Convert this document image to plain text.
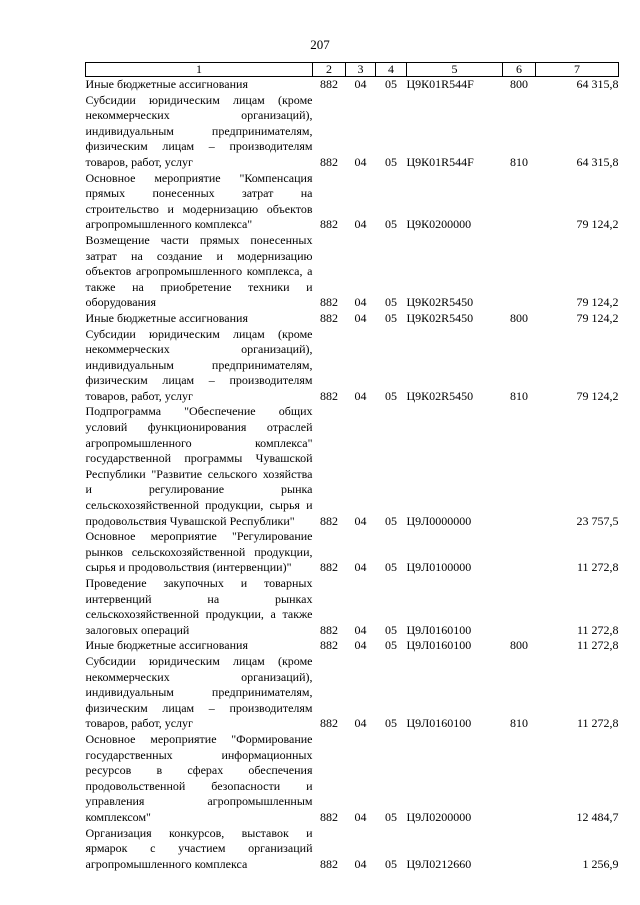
207
1	2	3	4	5	6	7
Иные бюджетные ассигнования	882	04	05	Ц9К01R544F	800	64 315,8
Субсидии юридическим лицам (кроме некоммерческих организаций), индивидуальным предпринимателям, физическим лицам – производителям товаров, работ, услуг	882	04	05	Ц9К01R544F	810	64 315,8
Основное мероприятие "Компенсация прямых понесенных затрат на строительство и модернизацию объектов агропромышленного комплекса"	882	04	05	Ц9К0200000		79 124,2
Возмещение части прямых понесенных затрат на создание и модернизацию объектов агропромышленного комплекса, а также на приобретение техники и оборудования	882	04	05	Ц9К02R5450		79 124,2
Иные бюджетные ассигнования	882	04	05	Ц9К02R5450	800	79 124,2
Субсидии юридическим лицам (кроме некоммерческих организаций), индивидуальным предпринимателям, физическим лицам – производителям товаров, работ, услуг	882	04	05	Ц9К02R5450	810	79 124,2
Подпрограмма "Обеспечение общих условий функционирования отраслей агропромышленного комплекса" государственной программы Чувашской Республики "Развитие сельского хозяйства и регулирование рынка сельскохозяйственной продукции, сырья и продовольствия Чувашской Республики"	882	04	05	Ц9Л0000000		23 757,5
Основное мероприятие "Регулирование рынков сельскохозяйственной продукции, сырья и продовольствия (интервенции)"	882	04	05	Ц9Л0100000		11 272,8
Проведение закупочных и товарных интервенций на рынках сельскохозяйственной продукции, а также залоговых операций	882	04	05	Ц9Л0160100		11 272,8
Иные бюджетные ассигнования	882	04	05	Ц9Л0160100	800	11 272,8
Субсидии юридическим лицам (кроме некоммерческих организаций), индивидуальным предпринимателям, физическим лицам – производителям товаров, работ, услуг	882	04	05	Ц9Л0160100	810	11 272,8
Основное мероприятие "Формирование государственных информационных ресурсов в сферах обеспечения продовольственной безопасности и управления агропромышленным комплексом"	882	04	05	Ц9Л0200000		12 484,7
Организация конкурсов, выставок и ярмарок с участием организаций агропромышленного комплекса	882	04	05	Ц9Л0212660		1 256,9
